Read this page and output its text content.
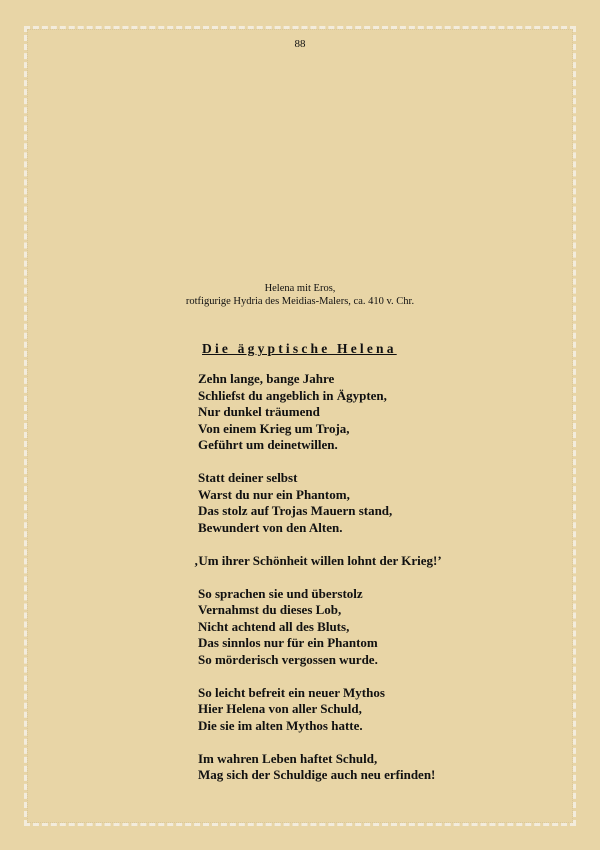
88
Helena mit Eros,
rotfigurige Hydria des Meidias-Malers, ca. 410 v. Chr.
Die ägyptische Helena
Zehn lange, bange Jahre
Schliefst du angeblich in Ägypten,
Nur dunkel träumend
Von einem Krieg um Troja,
Geführt um deinetwillen.
Statt deiner selbst
Warst du nur ein Phantom,
Das stolz auf Trojas Mauern stand,
Bewundert von den Alten.
‚Um ihrer Schönheit willen lohnt der Krieg!’
So sprachen sie und überstolz
Vernahmst du dieses Lob,
Nicht achtend all des Bluts,
Das sinnlos nur für ein Phantom
So mörderisch vergossen wurde.
So leicht befreit ein neuer Mythos
Hier Helena von aller Schuld,
Die sie im alten Mythos hatte.
Im wahren Leben haftet Schuld,
Mag sich der Schuldige auch neu erfinden!
